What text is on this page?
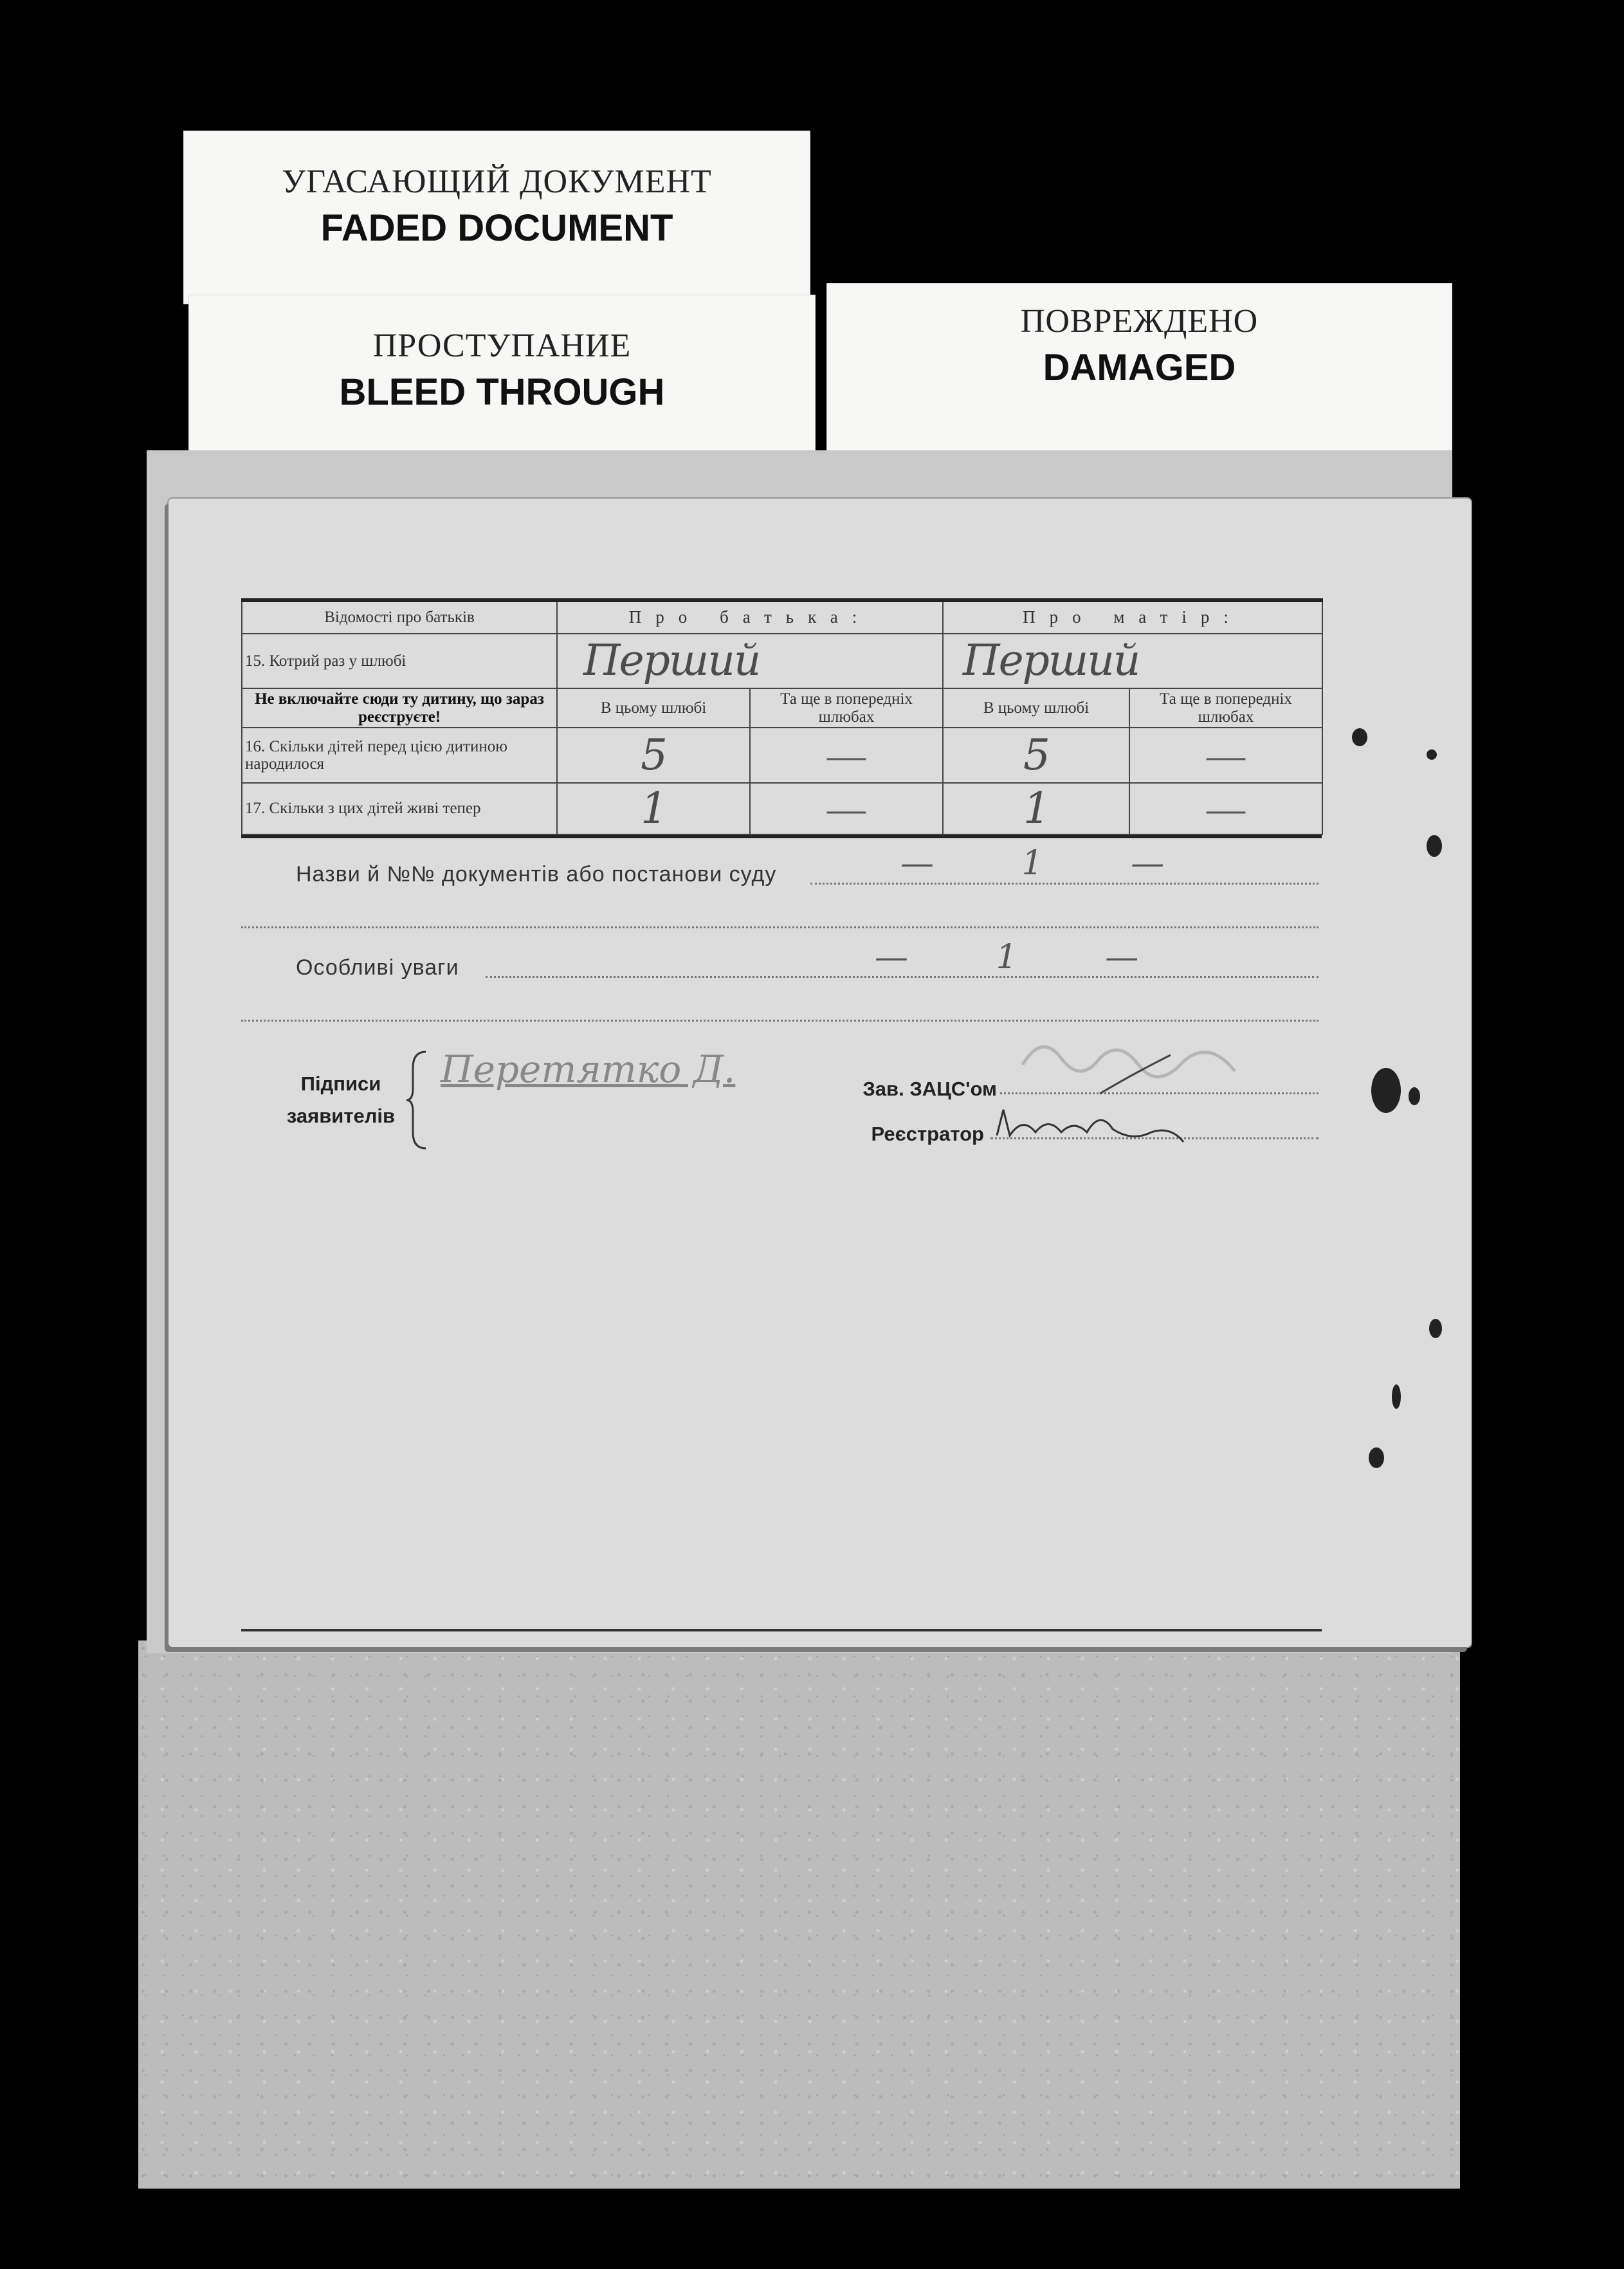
УГАСАЮЩИЙ ДОКУМЕНТ
FADED DOCUMENT
ПРОСТУПАНИЕ
BLEED THROUGH
ПОВРЕЖДЕНО
DAMAGED
Відомості про батьків	Про батька:		Про матір:	
15. Котрий раз у шлюбі	Перший		Перший	
Не включайте сюди ту дитину, що зараз реєструєте!	В цьому шлюбі	Та ще в попередніх шлюбах	В цьому шлюбі	Та ще в попередніх шлюбах
16. Скільки дітей перед цією дитиною народилося	5	—	5	—
17. Скільки з цих дітей живі тепер	1	—	1	—
Назви й №№ документів або постанови суду	— 1 —
Особливі уваги	— 1 —
Підписи
заявителів
Перетятко Д.	Зав. ЗАЦС'ом
Реєстратор
